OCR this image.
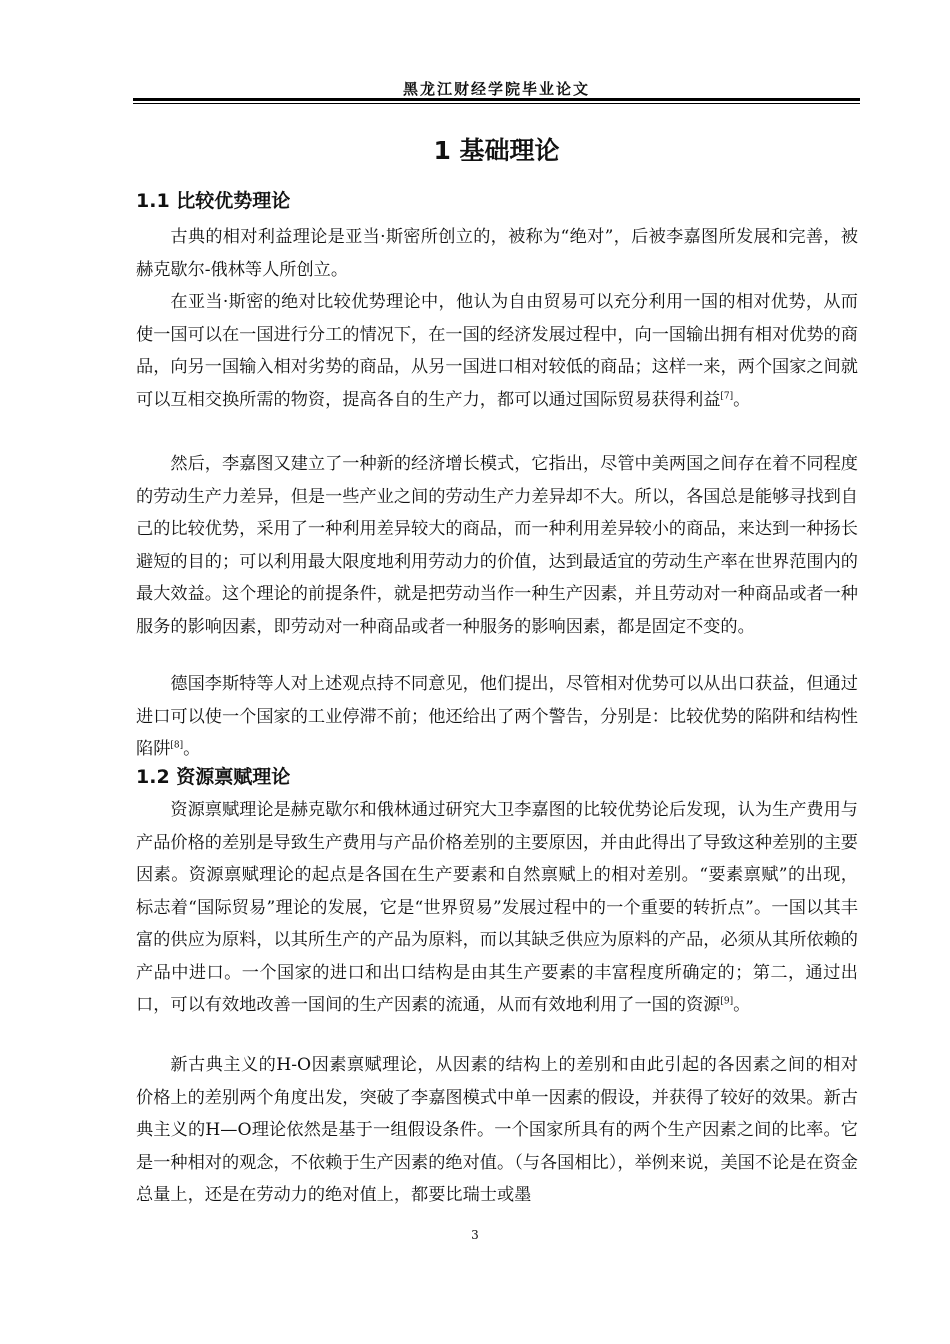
黑龙江财经学院毕业论文
1 基础理论
1.1 比较优势理论

古典的相对利益理论是亚当·斯密所创立的，被称为“绝对”，后被李嘉图所发展和完善，被赫克歇尔-俄林等人所创立。

在亚当·斯密的绝对比较优势理论中，他认为自由贸易可以充分利用一国的相对优势，从而使一国可以在一国进行分工的情况下，在一国的经济发展过程中，向一国输出拥有相对优势的商品，向另一国输入相对劣势的商品，从另一国进口相对较低的商品；这样一来，两个国家之间就可以互相交换所需的物资，提高各自的生产力，都可以通过国际贸易获得利益[7]。

然后，李嘉图又建立了一种新的经济增长模式，它指出，尽管中美两国之间存在着不同程度的劳动生产力差异，但是一些产业之间的劳动生产力差异却不大。所以，各国总是能够寻找到自己的比较优势，采用了一种利用差异较大的商品，而一种利用差异较小的商品，来达到一种扬长避短的目的；可以利用最大限度地利用劳动力的价值，达到最适宜的劳动生产率在世界范围内的最大效益。这个理论的前提条件，就是把劳动当作一种生产因素，并且劳动对一种商品或者一种服务的影响因素，即劳动对一种商品或者一种服务的影响因素，都是固定不变的。

德国李斯特等人对上述观点持不同意见，他们提出，尽管相对优势可以从出口获益，但通过进口可以使一个国家的工业停滞不前；他还给出了两个警告，分别是：比较优势的陷阱和结构性陷阱[8]。

1.2 资源禀赋理论

资源禀赋理论是赫克歇尔和俄林通过研究大卫李嘉图的比较优势论后发现，认为生产费用与产品价格的差别是导致生产费用与产品价格差别的主要原因，并由此得出了导致这种差别的主要因素。资源禀赋理论的起点是各国在生产要素和自然禀赋上的相对差别。“要素禀赋”的出现，标志着“国际贸易”理论的发展，它是“世界贸易”发展过程中的一个重要的转折点”。一国以其丰富的供应为原料，以其所生产的产品为原料，而以其缺乏供应为原料的产品，必须从其所依赖的产品中进口。一个国家的进口和出口结构是由其生产要素的丰富程度所确定的；第二，通过出口，可以有效地改善一国间的生产因素的流通，从而有效地利用了一国的资源[9]。

新古典主义的H-O因素禀赋理论，从因素的结构上的差别和由此引起的各因素之间的相对价格上的差别两个角度出发，突破了李嘉图模式中单一因素的假设，并获得了较好的效果。新古典主义的H—O理论依然是基于一组假设条件。一个国家所具有的两个生产因素之间的比率。它是一种相对的观念，不依赖于生产因素的绝对值。（与各国相比），举例来说，美国不论是在资金总量上，还是在劳动力的绝对值上，都要比瑞士或墨

3
